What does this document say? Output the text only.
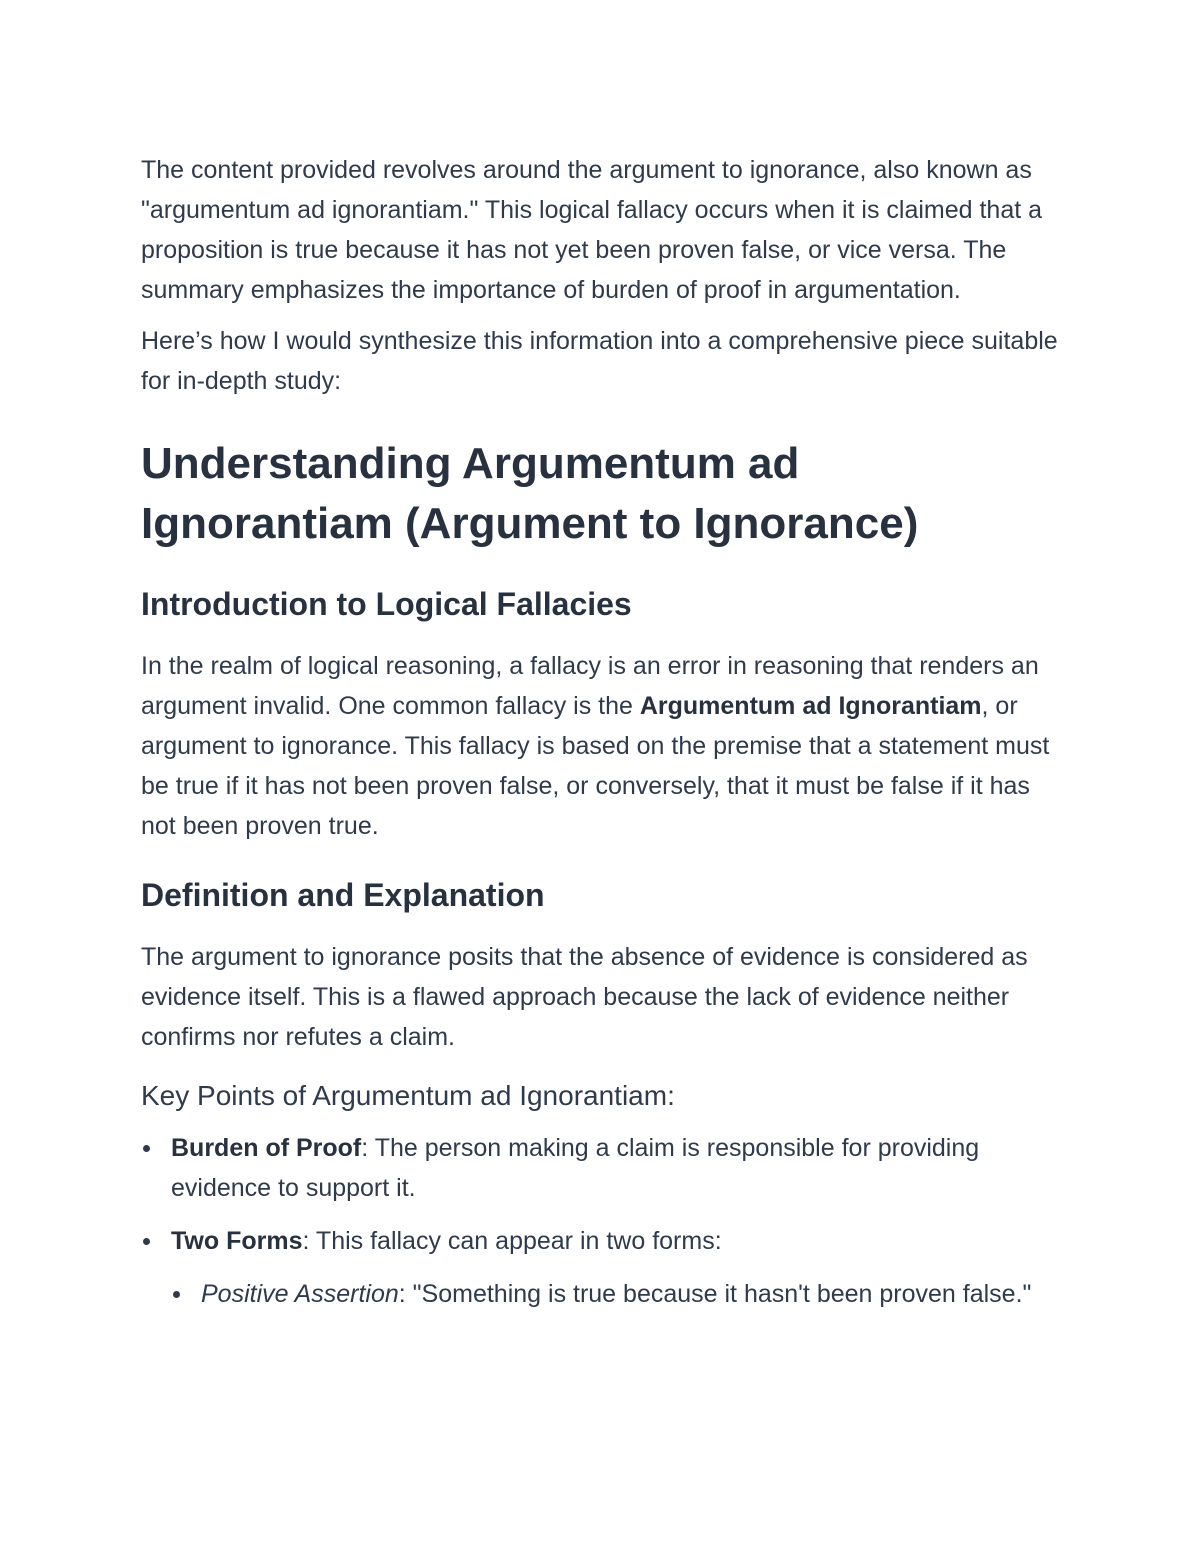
The content provided revolves around the argument to ignorance, also known as "argumentum ad ignorantiam." This logical fallacy occurs when it is claimed that a proposition is true because it has not yet been proven false, or vice versa. The summary emphasizes the importance of burden of proof in argumentation.

Here’s how I would synthesize this information into a comprehensive piece suitable for in-depth study:

Understanding Argumentum ad Ignorantiam (Argument to Ignorance)
Introduction to Logical Fallacies

In the realm of logical reasoning, a fallacy is an error in reasoning that renders an argument invalid. One common fallacy is the Argumentum ad Ignorantiam, or argument to ignorance. This fallacy is based on the premise that a statement must be true if it has not been proven false, or conversely, that it must be false if it has not been proven true.

Definition and Explanation

The argument to ignorance posits that the absence of evidence is considered as evidence itself. This is a flawed approach because the lack of evidence neither confirms nor refutes a claim.

Key Points of Argumentum ad Ignorantiam:
Burden of Proof: The person making a claim is responsible for providing evidence to support it.
Two Forms: This fallacy can appear in two forms:
Positive Assertion: "Something is true because it hasn't been proven false."
